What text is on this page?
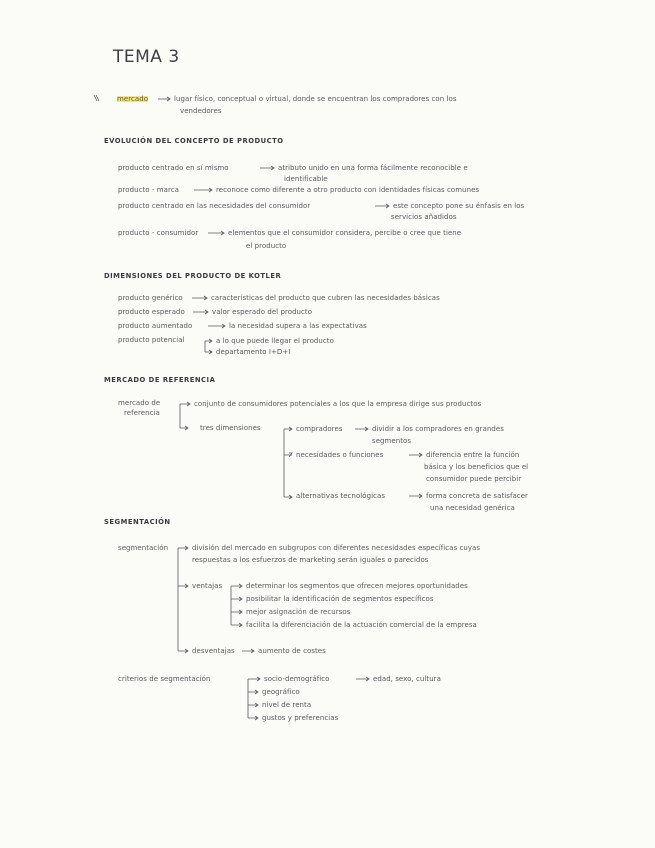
TEMA 3
mercado	lugar físico, conceptual o virtual, donde se encuentran los compradores con los
vendedores
EVOLUCIÓN DEL CONCEPTO DE PRODUCTO
producto centrado en sí mismo	atributo unido en una forma fácilmente reconocible e
identificable
producto - marca	reconoce como diferente a otro producto con identidades físicas comunes
producto centrado en las necesidades del consumidor	este concepto pone su énfasis en los
servicios añadidos
producto - consumidor	elementos que el consumidor considera, percibe o cree que tiene
el producto
DIMENSIONES DEL PRODUCTO DE KOTLER
producto genérico	características del producto que cubren las necesidades básicas
producto esperado	valor esperado del producto
producto aumentado	la necesidad supera a las expectativas
producto potencial	a lo que puede llegar el producto
departamento I+D+I
MERCADO DE REFERENCIA
mercado de
referencia
conjunto de consumidores potenciales a los que la empresa dirige sus productos
tres dimensiones	compradores	dividir a los compradores en grandes
segmentos
necesidades o funciones	diferencia entre la función
básica y los beneficios que el
consumidor puede percibir
alternativas tecnológicas	forma concreta de satisfacer
una necesidad genérica
SEGMENTACIÓN
segmentación	división del mercado en subgrupos con diferentes necesidades específicas cuyas
respuestas a los esfuerzos de marketing serán iguales o parecidos
ventajas	determinar los segmentos que ofrecen mejores oportunidades
posibilitar la identificación de segmentos específicos
mejor asignación de recursos
facilita la diferenciación de la actuación comercial de la empresa
desventajas	aumento de costes
criterios de segmentación	socio-demográfico	edad, sexo, cultura
geográfico
nivel de renta
gustos y preferencias
